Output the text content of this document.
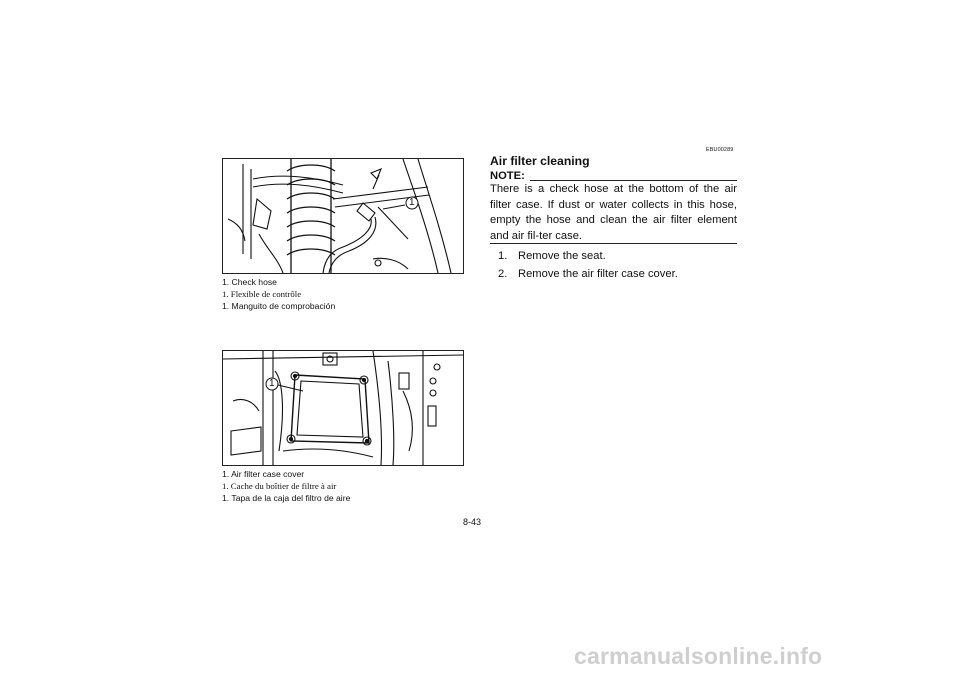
1
1. Check hose
1. Flexible de contrôle
1. Manguito de comprobación
1
1. Air filter case cover
1. Cache du boîtier de filtre à air
1. Tapa de la caja del filtro de aire
8-43
EBU00289
Air filter cleaning
NOTE:

There is a check hose at the bottom of the air filter case. If dust or water collects in this hose, empty the hose and clean the air filter element and air fil-ter case.

1. Remove the seat.
2. Remove the air filter case cover.
carmanualsonline.info
